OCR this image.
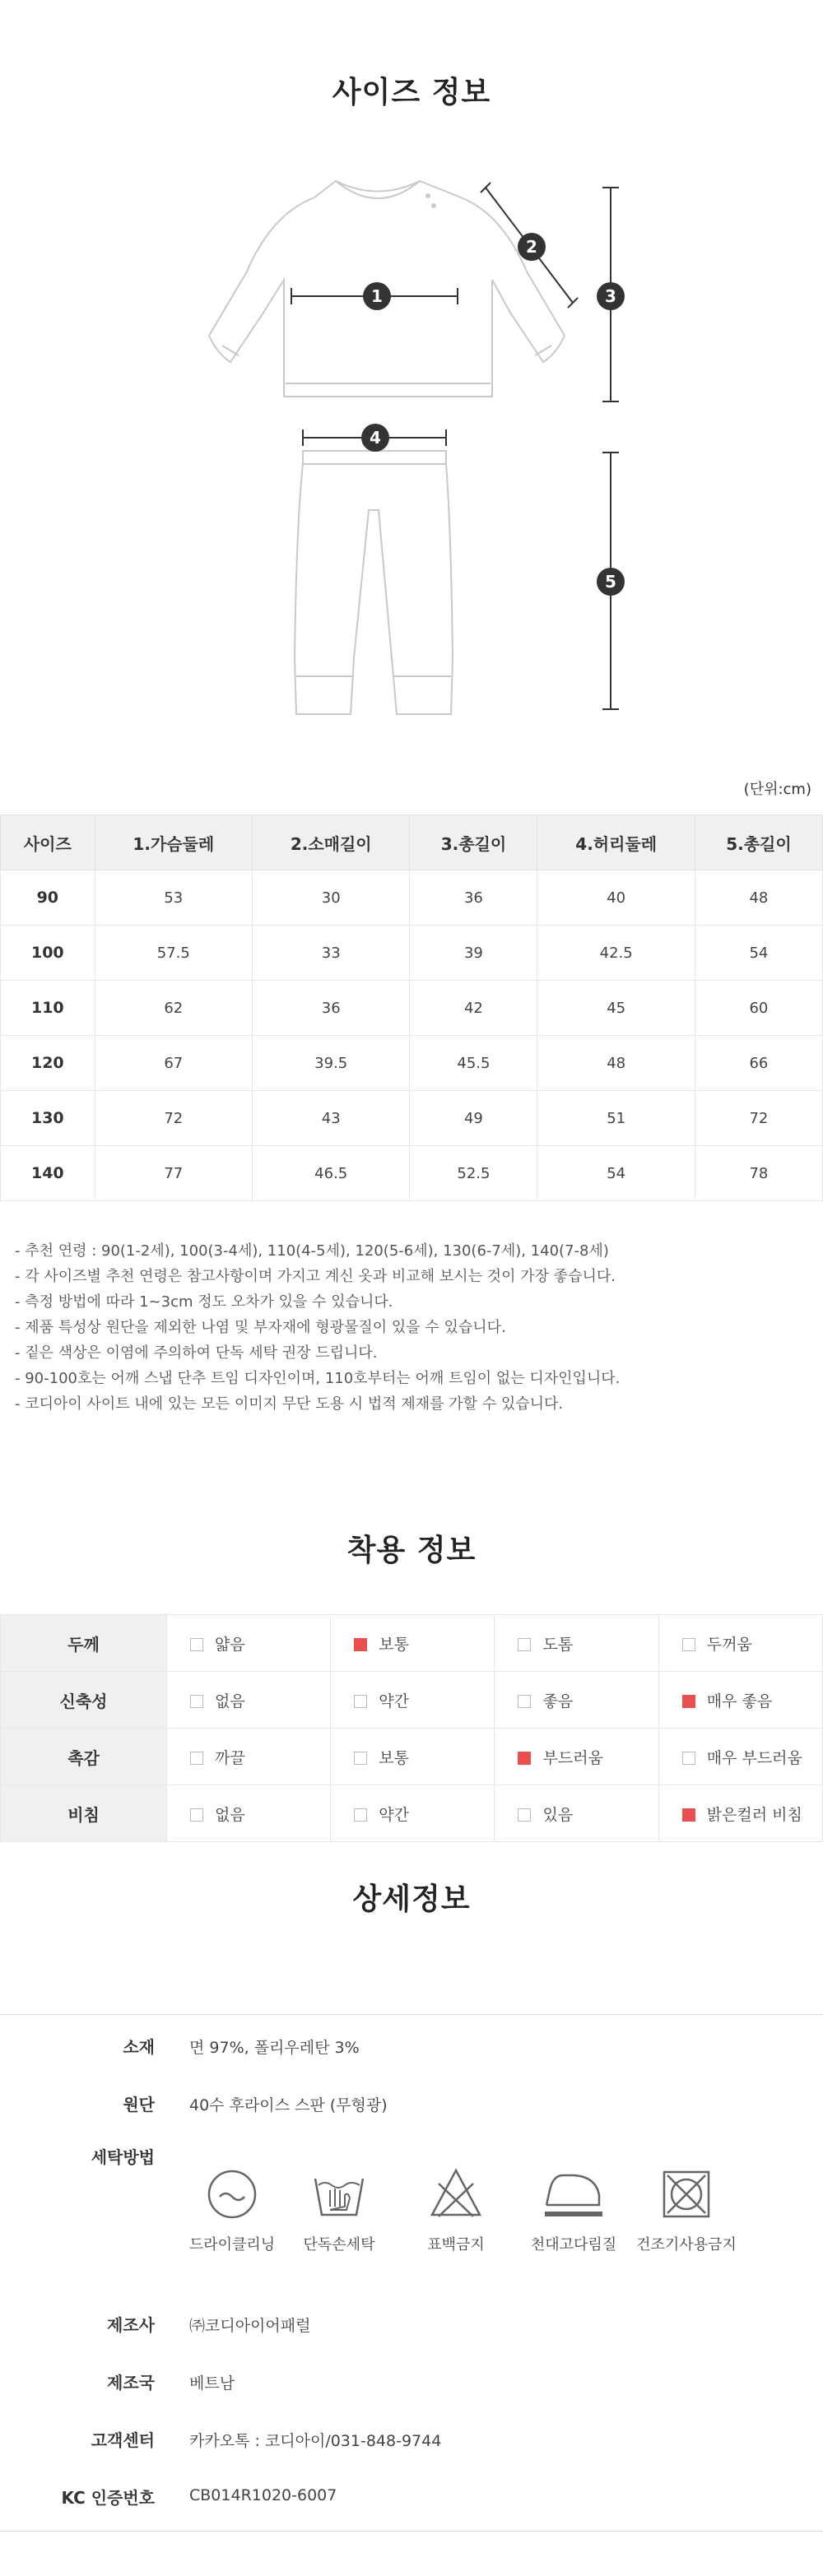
사이즈 정보
1
2
3
4
5
(단위:cm)
사이즈	1.가슴둘레	2.소매길이	3.총길이	4.허리둘레	5.총길이
90	53	30	36	40	48
100	57.5	33	39	42.5	54
110	62	36	42	45	60
120	67	39.5	45.5	48	66
130	72	43	49	51	72
140	77	46.5	52.5	54	78
- 추천 연령 : 90(1-2세), 100(3-4세), 110(4-5세), 120(5-6세), 130(6-7세), 140(7-8세)
- 각 사이즈별 추천 연령은 참고사항이며 가지고 계신 옷과 비교해 보시는 것이 가장 좋습니다.
- 측정 방법에 따라 1~3cm 정도 오차가 있을 수 있습니다.
- 제품 특성상 원단을 제외한 나염 및 부자재에 형광물질이 있을 수 있습니다.
- 짙은 색상은 이염에 주의하여 단독 세탁 권장 드립니다.
- 90-100호는 어깨 스냅 단추 트임 디자인이며, 110호부터는 어깨 트임이 없는 디자인입니다.
- 코디아이 사이트 내에 있는 모든 이미지 무단 도용 시 법적 제재를 가할 수 있습니다.
착용 정보
두께	얇음	보통	도톰	두꺼움
신축성	없음	약간	좋음	매우 좋음
촉감	까끌	보통	부드러움	매우 부드러움
비침	없음	약간	있음	밝은컬러 비침
상세정보
소재 면 97%, 폴리우레탄 3%
원단 40수 후라이스 스판 (무형광)
세탁방법
드라이클리닝	단독손세탁	표백금지	천대고다림질	건조기사용금지
제조사 ㈜코디아이어패럴
제조국 베트남
고객센터 카카오톡 : 코디아이/031-848-9744
KC 인증번호 CB014R1020-6007
